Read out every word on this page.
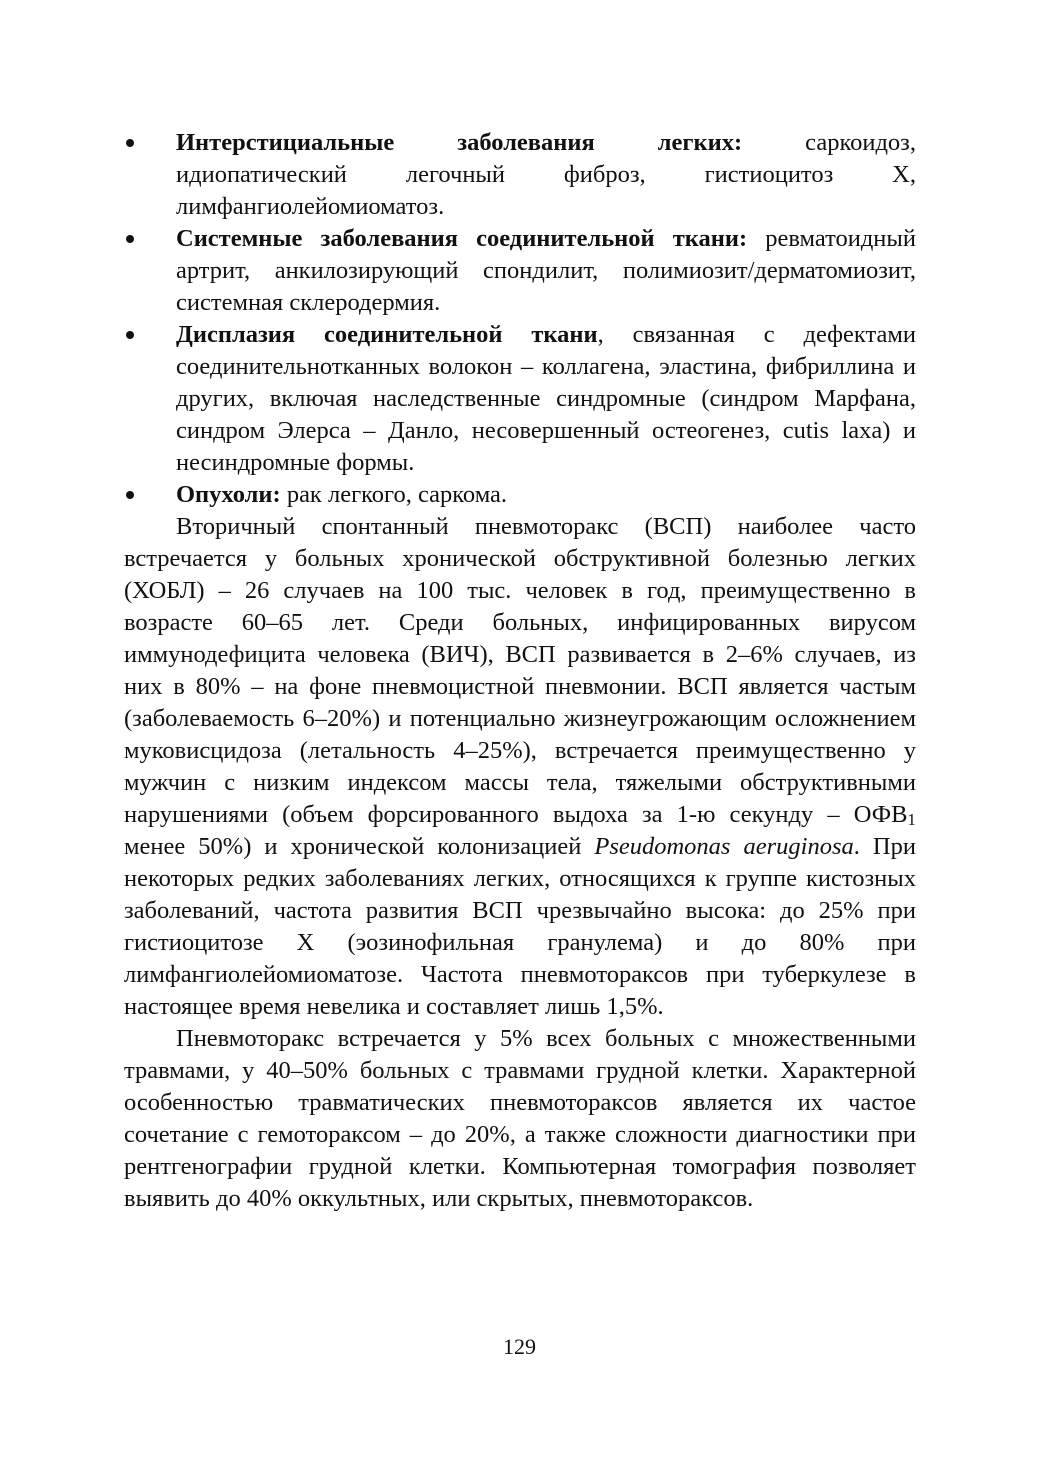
Интерстициальные заболевания легких: саркоидоз, идиопатический легочный фиброз, гистиоцитоз X, лимфангиолейомиоматоз.
Системные заболевания соединительной ткани: ревматоидный артрит, анкилозирующий спондилит, полимиозит/дерматомиозит, системная склеродермия.
Дисплазия соединительной ткани, связанная с дефектами соединительнотканных волокон – коллагена, эластина, фибриллина и других, включая наследственные синдромные (синдром Марфана, синдром Элерса – Данло, несовершенный остеогенез, cutis laxa) и несиндромные формы.
Опухоли: рак легкого, саркома.

Вторичный спонтанный пневмоторакс (ВСП) наиболее часто встречается у больных хронической обструктивной болезнью легких (ХОБЛ) – 26 случаев на 100 тыс. человек в год, преимущественно в возрасте 60–65 лет. Среди больных, инфицированных вирусом иммунодефицита человека (ВИЧ), ВСП развивается в 2–6% случаев, из них в 80% – на фоне пневмоцистной пневмонии. ВСП является частым (заболеваемость 6–20%) и потенциально жизнеугрожающим осложнением муковисцидоза (летальность 4–25%), встречается преимущественно у мужчин с низким индексом массы тела, тяжелыми обструктивными нарушениями (объем форсированного выдоха за 1-ю секунду – $ОФВ_1$ менее 50%) и хронической колонизацией Pseudomonas aeruginosa. При некоторых редких заболеваниях легких, относящихся к группе кистозных заболеваний, частота развития ВСП чрезвычайно высока: до 25% при гистиоцитозе X (эозинофильная гранулема) и до 80% при лимфангиолейомиоматозе. Частота пневмотораксов при туберкулезе в настоящее время невелика и составляет лишь 1,5%.

Пневмоторакс встречается у 5% всех больных с множественными травмами, у 40–50% больных с травмами грудной клетки. Характерной особенностью травматических пневмотораксов является их частое сочетание с гемотораксом – до 20%, а также сложности диагностики при рентгенографии грудной клетки. Компьютерная томография позволяет выявить до 40% оккультных, или скрытых, пневмотораксов.

129
